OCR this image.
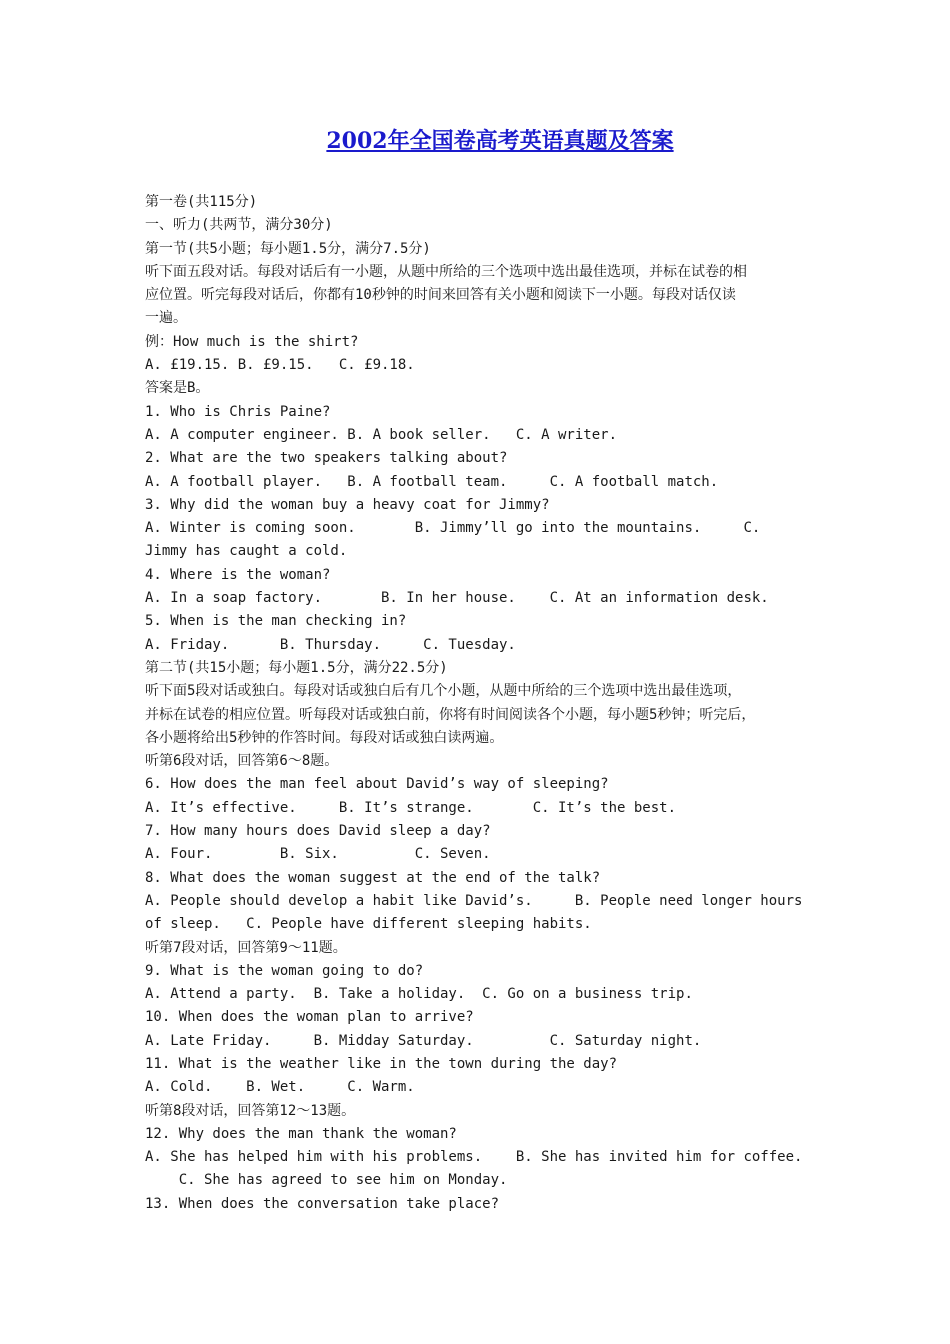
2002年全国卷高考英语真题及答案
第一卷(共115分)
一、听力(共两节，满分30分)
第一节(共5小题；每小题1.5分，满分7.5分)
听下面五段对话。每段对话后有一小题，从题中所给的三个选项中选出最佳选项，并标在试卷的相
应位置。听完每段对话后，你都有10秒钟的时间来回答有关小题和阅读下一小题。每段对话仅读
一遍。
例：How much is the shirt?
A. £19.15. B. £9.15.   C. £9.18.
答案是B。
1. Who is Chris Paine?
A. A computer engineer. B. A book seller.   C. A writer.
2. What are the two speakers talking about?
A. A football player.   B. A football team.     C. A football match.
3. Why did the woman buy a heavy coat for Jimmy?
A. Winter is coming soon.       B. Jimmy’ll go into the mountains.     C.
Jimmy has caught a cold.
4. Where is the woman?
A. In a soap factory.       B. In her house.    C. At an information desk.
5. When is the man checking in?
A. Friday.      B. Thursday.     C. Tuesday.
第二节(共15小题；每小题1.5分，满分22.5分)
听下面5段对话或独白。每段对话或独白后有几个小题，从题中所给的三个选项中选出最佳选项，
并标在试卷的相应位置。听每段对话或独白前，你将有时间阅读各个小题，每小题5秒钟；听完后，
各小题将给出5秒钟的作答时间。每段对话或独白读两遍。
听第6段对话，回答第6～8题。
6. How does the man feel about David’s way of sleeping?
A. It’s effective.     B. It’s strange.       C. It’s the best.
7. How many hours does David sleep a day?
A. Four.        B. Six.         C. Seven.
8. What does the woman suggest at the end of the talk?
A. People should develop a habit like David’s.     B. People need longer hours
of sleep.   C. People have different sleeping habits.
听第7段对话，回答第9～11题。
9. What is the woman going to do?
A. Attend a party.  B. Take a holiday.  C. Go on a business trip.
10. When does the woman plan to arrive?
A. Late Friday.     B. Midday Saturday.         C. Saturday night.
11. What is the weather like in the town during the day?
A. Cold.    B. Wet.     C. Warm.
听第8段对话，回答第12～13题。
12. Why does the man thank the woman?
A. She has helped him with his problems.    B. She has invited him for coffee.
C. She has agreed to see him on Monday.
13. When does the conversation take place?
